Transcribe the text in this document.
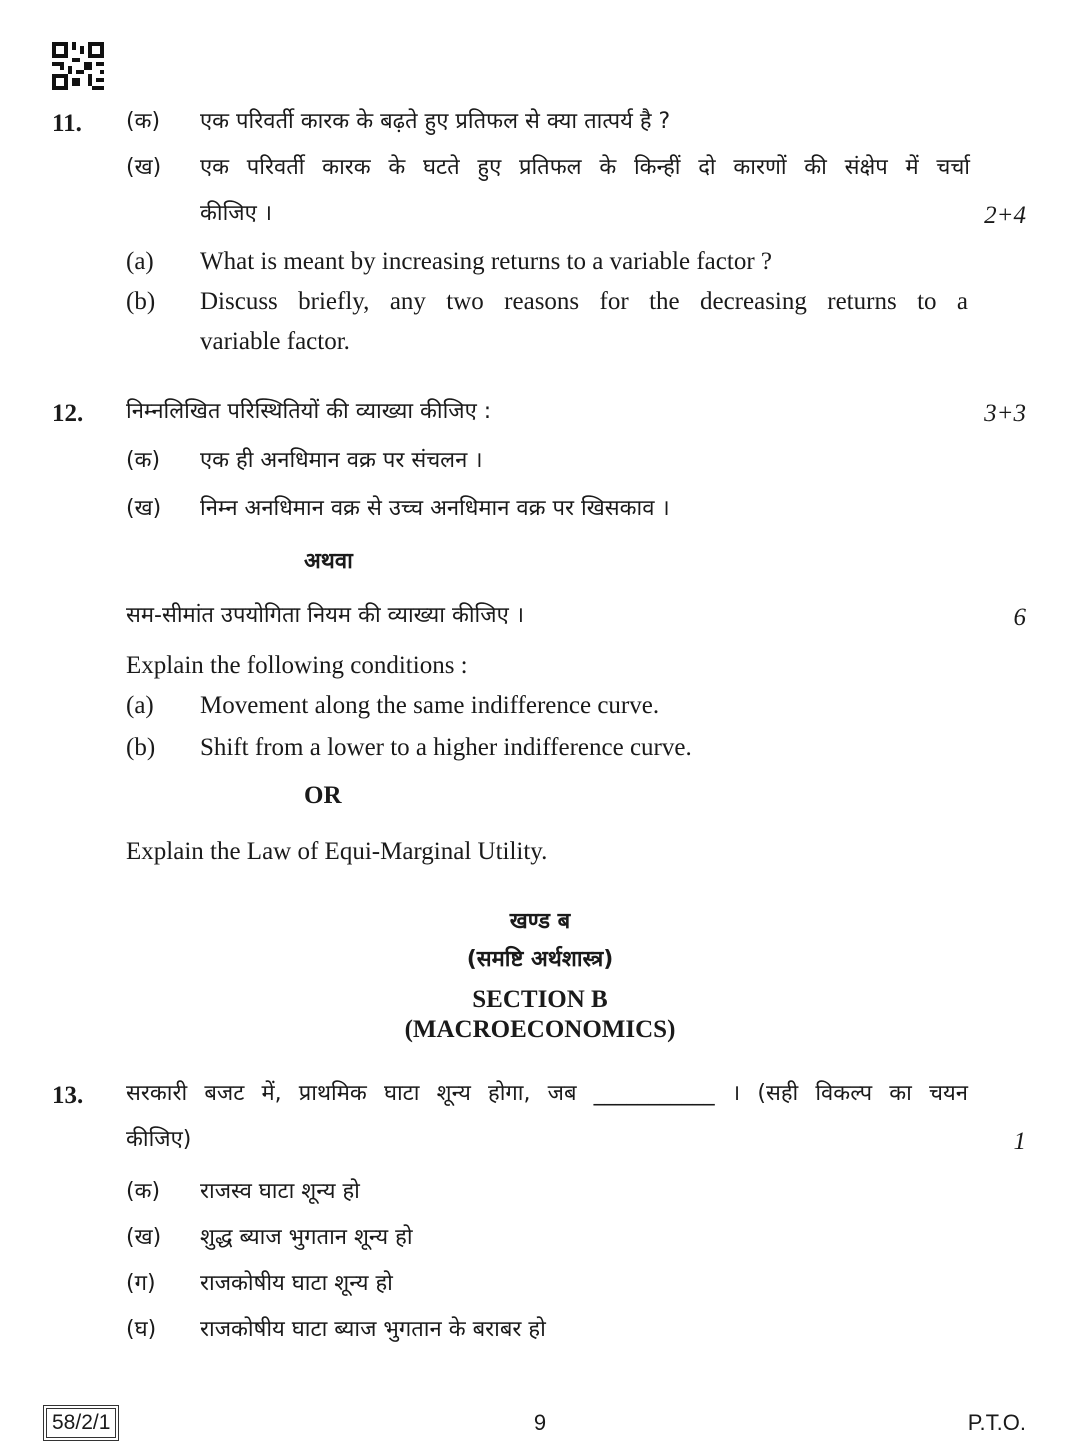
11. (क) एक परिवर्ती कारक के बढ़ते हुए प्रतिफल से क्या तात्पर्य है ?
(ख) एक परिवर्ती कारक के घटते हुए प्रतिफल के किन्हीं दो कारणों की संक्षेप में चर्चा
कीजिए ।	2+4
(a) What is meant by increasing returns to a variable factor ?
(b) Discuss briefly, any two reasons for the decreasing returns to a
variable factor.
12. निम्नलिखित परिस्थितियों की व्याख्या कीजिए :	3+3
(क) एक ही अनधिमान वक्र पर संचलन ।
(ख) निम्न अनधिमान वक्र से उच्च अनधिमान वक्र पर खिसकाव ।
अथवा
सम-सीमांत उपयोगिता नियम की व्याख्या कीजिए ।	6
Explain the following conditions :
(a) Movement along the same indifference curve.
(b) Shift from a lower to a higher indifference curve.
OR
Explain the Law of Equi-Marginal Utility.
खण्ड ब
(समष्टि अर्थशास्त्र)
SECTION B
(MACROECONOMICS)
13. सरकारी बजट में, प्राथमिक घाटा शून्य होगा, जब ___________ । (सही विकल्प का चयन
कीजिए)	1
(क) राजस्व घाटा शून्य हो
(ख) शुद्ध ब्याज भुगतान शून्य हो
(ग) राजकोषीय घाटा शून्य हो
(घ) राजकोषीय घाटा ब्याज भुगतान के बराबर हो
58/2/1	9	P.T.O.
